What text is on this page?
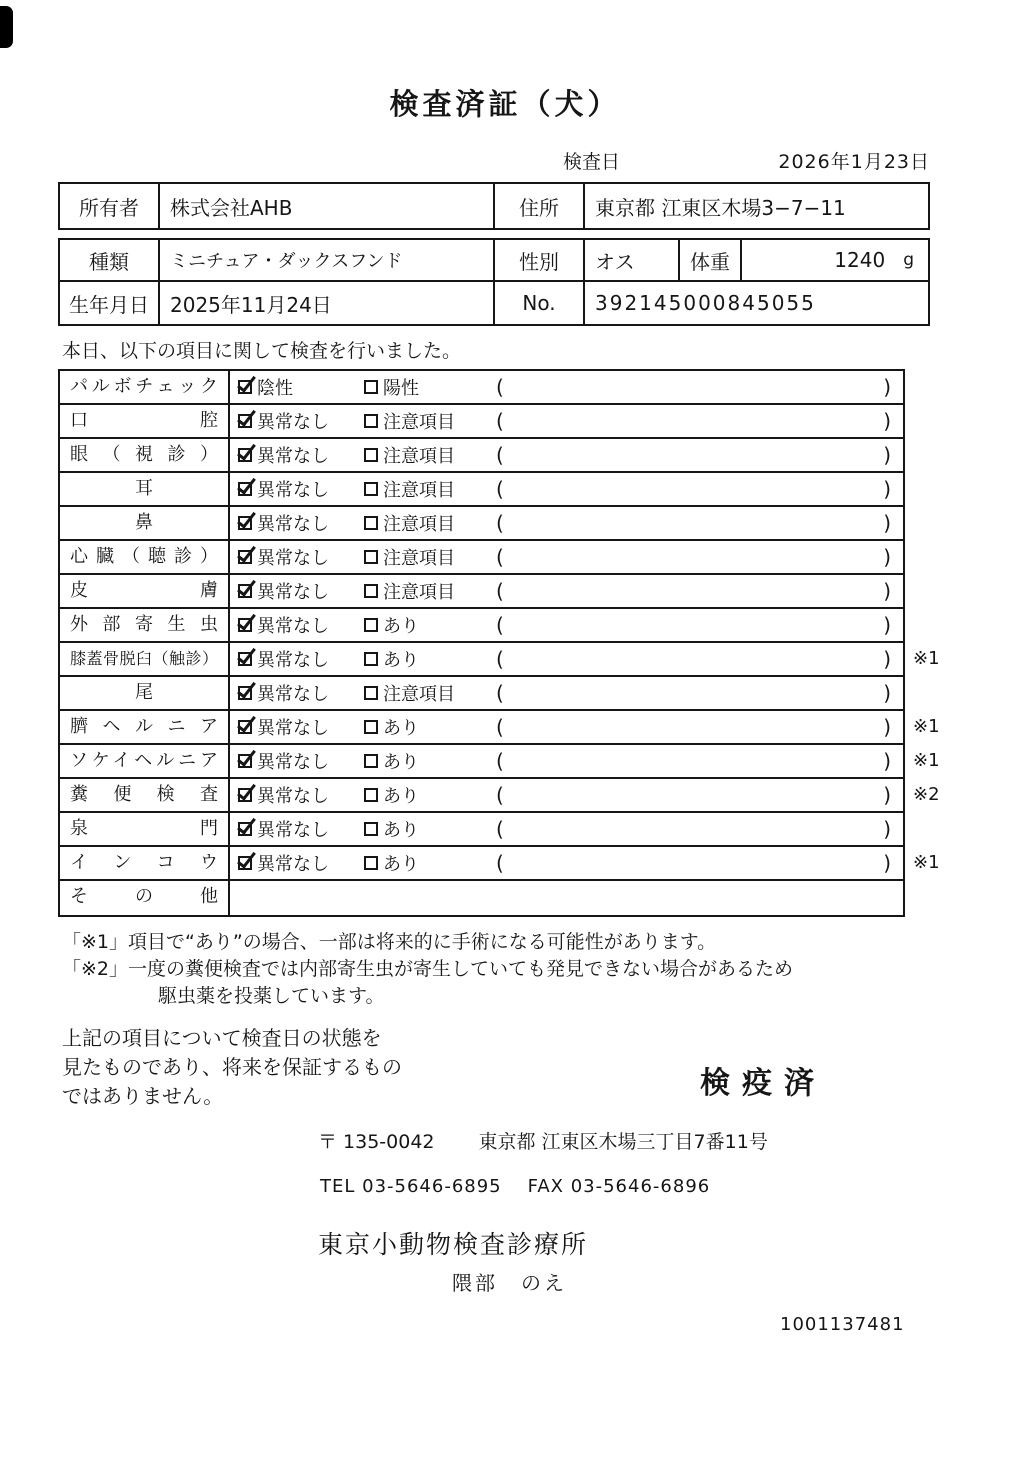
検査済証（犬）
検査日	2026年1月23日
所有者	株式会社AHB	住所	東京都 江東区木場3−7−11
種類	ミニチュア・ダックスフンド	性別	オス	体重	1240 g
生年月日	2025年11月24日	No.	392145000845055

本日、以下の項目に関して検査を行いました。

パルボチェック	陰性	陽性	(	)
口腔	異常なし	注意項目 (	)
眼（視診）	異常なし	注意項目 (	)
耳	異常なし	注意項目 (	)
鼻	異常なし	注意項目 (	)
心臓（聴診）	異常なし	注意項目 (	)
皮膚	異常なし	注意項目 (	)
外部寄生虫	異常なし	あり	(	)
膝蓋骨脱臼（触診）	異常なし	あり	(	) ※1
尾	異常なし	注意項目 (	)
臍ヘルニア	異常なし	あり	(	) ※1
ソケイヘルニア	異常なし	あり	(	) ※1
糞便検査	異常なし	あり	(	) ※2
泉門	異常なし	あり	(	)
インコウ	異常なし	あり	(	) ※1
その他

「※1」項目で“あり”の場合、一部は将来的に手術になる可能性があります。

「※2」一度の糞便検査では内部寄生虫が寄生していても発見できない場合があるため

駆虫薬を投薬しています。

上記の項目について検査日の状態を

見たものであり、将来を保証するもの

ではありません。	検疫済
〒 135-0042 東京都 江東区木場三丁目7番11号
TEL 03-5646-6895 FAX 03-5646-6896
東京小動物検査診療所
隈部　のえ
1001137481
